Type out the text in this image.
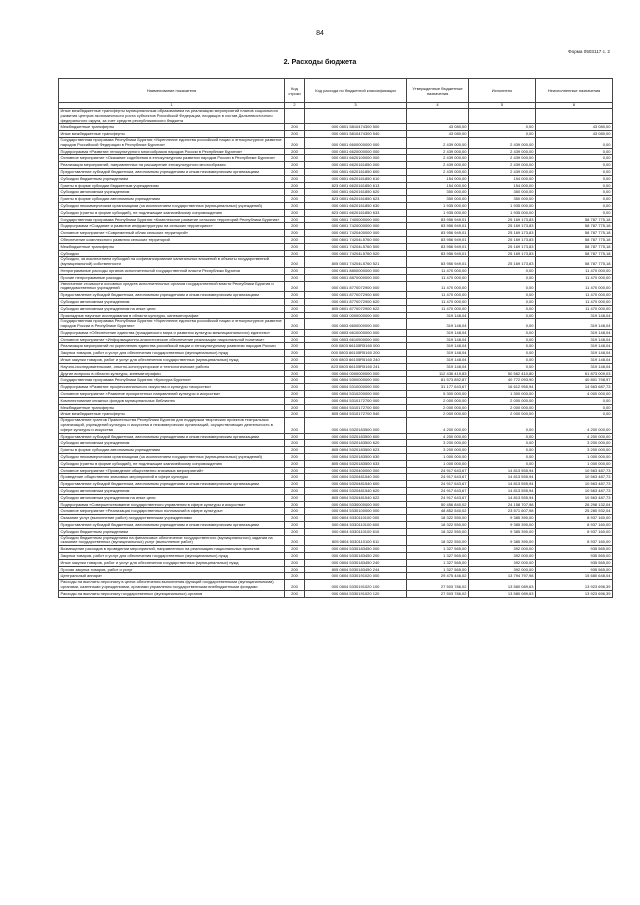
84
Форма 0503117 с. 2
2. Расходы бюджета
Наименование показателя	Код строки	Код расхода по бюджетной классификации	Утвержденные бюджетные назначения	Исполнено	Неисполненные назначения
1	2	3	4	5	6
Иные межбюджетные трансферты муниципальным образованиям на реализацию мероприятий планов социального развития центров экономического роста субъектов Российской Федерации, входящих в состав Дальневосточного федерального округа, за счет средств республиканского бюджета					
Межбюджетные трансферты	200	000 0801 5810474300 500	43 080,00	0,00	43 080,00
Иные межбюджетные трансферты	200	000 0801 5810474300 540	43 080,00	0,00	43 080,00
Государственная программа Республики Бурятия «Укрепление единства российской нации и этнокультурное развитие народов Российской Федерации в Республике Бурятия»	200	000 0801 6600000000 000	2 439 000,00	2 439 000,00	0,00
Подпрограмма «Развитие этнокультурного многообразия народов России в Республике Бурятия»	200	000 0801 6620000000 000	2 439 000,00	2 439 000,00	0,00
Основное мероприятие «Оказание содействия в этнокультурном развитии народов России в Республике Бурятия»	200	000 0801 6620100000 000	2 439 000,00	2 439 000,00	0,00
Реализация мероприятий, направленных на расширение этнокультурного многообразия	200	000 0801 6620161850 000	2 439 000,00	2 439 000,00	0,00
Предоставление субсидий бюджетным, автономным учреждениям и иным некоммерческим организациям	200	000 0801 6620161850 600	2 439 000,00	2 439 000,00	0,00
Субсидии бюджетным учреждениям	200	000 0801 6620161850 610	154 000,00	154 000,00	0,00
Гранты в форме субсидии бюджетным учреждениям	200	823 0801 6620161850 613	154 000,00	154 000,00	0,00
Субсидии автономным учреждениям	200	000 0801 6620161850 620	350 000,00	350 000,00	0,00
Гранты в форме субсидии автономным учреждениям	200	823 0801 6620161850 623	350 000,00	350 000,00	0,00
Субсидии некоммерческим организациям (за исключением государственных (муниципальных) учреждений)	200	000 0801 6620161850 630	1 935 000,00	1 935 000,00	0,00
Субсидии (гранты в форме субсидий), не подлежащие казначейскому сопровождению	200	823 0801 6620161850 633	1 935 000,00	1 935 000,00	0,00
Государственная программа Республики Бурятия «Комплексное развитие сельских территорий Республики Бурятия»	200	000 0801 7400000000 000	83 956 949,01	25 169 173,83	58 787 775,18
Подпрограмма «Создание и развитие инфраструктуры на сельских территориях»	200	000 0801 7420000000 000	83 956 949,01	25 169 173,83	58 787 775,18
Основное мероприятие «Современный облик сельских территорий»	200	000 0801 7420400000 000	83 956 949,01	25 169 173,83	58 787 775,18
Обеспечение комплексного развития сельских территорий	200	000 0801 74204L5760 000	83 956 949,01	25 169 173,83	58 787 775,18
Межбюджетные трансферты	200	000 0801 74204L5760 500	83 956 949,01	25 169 173,83	58 787 775,18
Субсидии	200	000 0801 74204L5760 520	83 956 949,01	25 169 173,83	58 787 775,18
Субсидии, за исключением субсидий на софинансирование капитальных вложений в объекты государственной (муниципальной) собственности	200	805 0801 74204L5760 521	83 956 949,01	25 169 173,83	58 787 775,18
Непрограммные расходы органов исполнительной государственной власти Республики Бурятия	200	000 0801 8800000000 000	11 470 000,00	0,00	11 470 000,00
Прочие непрограммные расходы	200	000 0801 8870000000 000	11 470 000,00	0,00	11 470 000,00
Увеличение стоимости основных средств исполнительных органов государственной власти Республики Бурятия и подведомственных учреждений	200	000 0801 8770072900 000	11 470 000,00	0,00	11 470 000,00
Предоставление субсидий бюджетным, автономным учреждениям и иным некоммерческим организациям	200	000 0801 8770072900 600	11 470 000,00	0,00	11 470 000,00
Субсидии автономным учреждениям	200	000 0801 8770072900 620	11 470 000,00	0,00	11 470 000,00
Субсидии автономным учреждениям на иные цели	200	805 0801 8770072900 622	11 470 000,00	0,00	11 470 000,00
Прикладные научные исследования в области культуры, кинематографии	200	000 0803 0000000000 000	319 148,04	0,00	319 148,04
Государственная программа Республики Бурятия «Укрепление единства российской нации и этнокультурное развитие народов России в Республике Бурятия»	200	000 0803 6600000000 000	319 148,04	0,00	319 148,04
Подпрограмма «Обеспечение единства (гражданского мира и развития культуры межнационального) единство»	200	000 0803 6610000000 000	319 148,04	0,00	319 148,04
Основное мероприятие «Информационно-аналитическое обеспечение реализации национальной политики»	200	000 0803 6610500000 000	319 148,04	0,00	319 148,04
Реализация мероприятий по укреплению единства российской нации и этнокультурному развитию народов России	200	000 0803 66105R5160 000	319 148,04	0,00	319 148,04
Закупка товаров, работ и услуг для обеспечения государственных (муниципальных) нужд	200	000 0803 66105R5160 200	319 148,04	0,00	319 148,04
Иные закупки товаров, работ и услуг для обеспечения государственных (муниципальных) нужд	200	000 0803 66105R5160 240	319 148,04	0,00	319 148,04
Научно-исследовательские, опытно-конструкторские и технологические работы	200	823 0803 66105R5160 241	319 148,04	0,00	319 148,04
Другие вопросы в области культуры, кинематографии	200	000 0804 0000000000 000	112 436 419,83	50 562 410,80	61 873 009,03
Государственная программа Республики Бурятия «Культура Бурятии»	200	000 0804 5300000000 000	81 573 892,87	40 772 093,90	40 801 798,97
Подпрограмма «Развитие профессионального искусства и культуры «искусство»	200	000 0804 5310000000 000	31 177 643,67	16 612 955,94	14 563 687,73
Основное мероприятие «Развитие приоритетных направлений культуры и искусства»	200	000 0804 5310200000 000	5 300 000,00	1 300 000,00	4 000 000,00
Комплектование книжных фондов муниципальных библиотек	200	000 0804 5310172700 000	2 000 000,00	2 000 000,00	0,00
Межбюджетные трансферты	200	000 0804 5310172700 500	2 000 000,00	2 000 000,00	0,00
Иные межбюджетные трансферты	200	805 0804 5310172700 540	2 000 000,00	2 000 000,00	0,00
Предоставление грантов Правительства Республики Бурятия для поддержки творческих проектов театральных организаций, учреждений культуры и искусства и некоммерческих организаций, осуществляющих деятельность в сфере культуры и искусства	200	000 0804 5320183500 000	4 200 000,00	0,00	4 200 000,00
Предоставление субсидий бюджетным, автономным учреждениям и иным некоммерческим организациям	200	000 0804 5320183500 600	4 200 000,00	0,00	4 200 000,00
Субсидии автономным учреждениям	200	000 0804 5320183500 620	3 200 000,00	0,00	3 200 000,00
Гранты в форме субсидии автономным учреждениям	200	805 0804 5320183500 623	3 200 000,00	0,00	3 200 000,00
Субсидии некоммерческим организациям (за исключением государственных (муниципальных) учреждений)	200	000 0804 5320183500 630	1 000 000,00	0,00	1 000 000,00
Субсидии (гранты в форме субсидий), не подлежащие казначейскому сопровождению	200	805 0804 5320183500 633	1 000 000,00	0,00	1 000 000,00
Основное мероприятие «Проведение общественно значимых мероприятий»	200	000 0804 5320400000 000	24 917 643,67	14 813 555,94	10 563 487,73
Проведение общественно значимых мероприятий в сфере культуры	200	000 0804 5320481540 000	24 917 643,67	14 813 555,94	10 563 487,73
Предоставление субсидий бюджетным, автономным учреждениям и иным некоммерческим организациям	200	000 0804 5320481540 600	24 917 643,67	14 813 555,94	10 563 487,73
Субсидии автономным учреждениям	200	000 0804 5320481540 620	24 917 643,67	14 813 555,94	10 563 487,73
Субсидии автономным учреждениям на иные цели	200	805 0804 5320481540 622	24 917 643,67	14 813 555,94	10 563 487,73
Подпрограмма «Совершенствование государственного управления в сфере культуры и искусства»	200	000 0804 5330000000 000	50 456 840,02	24 158 707,98	26 298 132,04
Основное мероприятие «Реализация государственных полномочий в сфере культуры»	200	000 0804 5330100000 000	48 852 540,02	23 571 607,98	25 280 932,04
Оказание услуг (выполнение работ) государственными учреждениями	200	000 0804 5330110100 000	18 322 550,00	9 385 390,00	8 937 160,00
Предоставление субсидий бюджетным, автономным учреждениям и иным некоммерческим организациям	200	000 0804 5330110100 600	18 322 550,00	9 385 390,00	8 937 160,00
Субсидии бюджетным учреждениям	200	000 0804 5330110100 610	18 322 550,00	9 385 390,00	8 937 160,00
Субсидии бюджетным учреждениям на финансовое обеспечение государственного (муниципального) задания на оказание государственных (муниципальных) услуг (выполнение работ)	200	805 0804 5330110100 611	18 322 550,00	9 385 390,00	8 937 160,00
Возмещение расходов в проведении мероприятий, направленных на реализацию национальных проектов	200	000 0804 5330183450 000	1 327 565,00	392 000,00	935 565,00
Закупка товаров, работ и услуг для обеспечения государственных (муниципальных) нужд	200	000 0804 5330183450 200	1 327 565,00	392 000,00	935 565,00
Иные закупки товаров, работ и услуг для обеспечения государственных (муниципальных) нужд	200	000 0804 5330183450 240	1 327 565,00	392 000,00	935 565,00
Прочая закупка товаров, работ и услуг	200	805 0804 5330183450 244	1 327 565,00	392 000,00	935 565,00
Центральный аппарат	200	000 0804 5330191020 000	29 475 446,02	13 794 797,98	15 680 648,04
Расходы на выплаты персоналу в целях обеспечения выполнения функций государственными (муниципальными) органами, казенными учреждениями, органами управления государственными внебюджетными фондами	200	000 0804 5330191020 100	27 503 786,02	13 580 089,63	13 923 696,39
Расходы на выплаты персоналу государственных (муниципальных) органов	200	000 0804 5330191020 120	27 503 786,02	13 580 089,63	13 923 696,39
